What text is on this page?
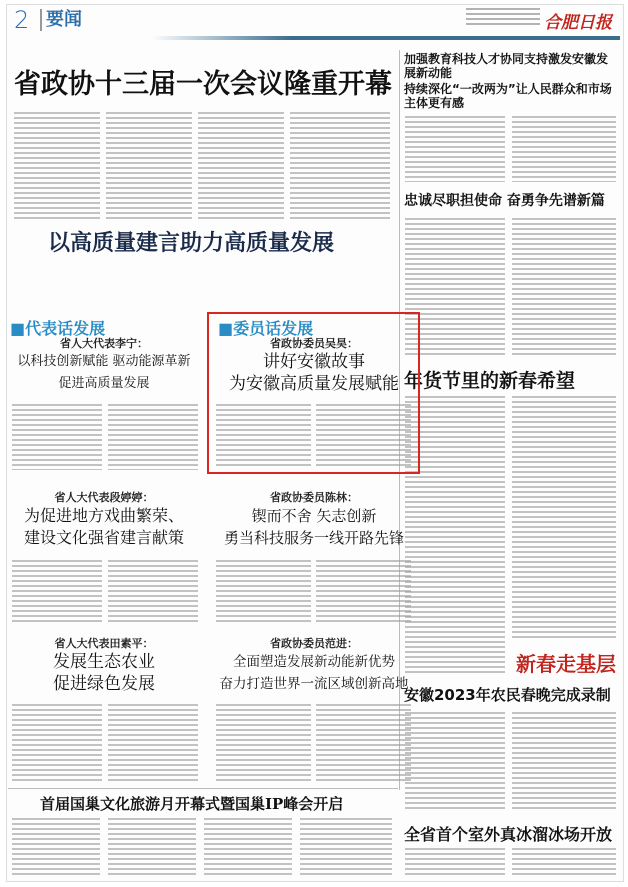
2 要闻	合肥日报
省政协十三届一次会议隆重开幕
加强教育科技人才协同支持激发安徽发展新动能
持续深化“一改两为”让人民群众和市场主体更有感
忠诚尽职担使命 奋勇争先谱新篇
年货节里的新春希望
新春走基层
安徽2023年农民春晚完成录制
全省首个室外真冰溜冰场开放
以高质量建言助力高质量发展
■代表话发展	■委员话发展
省人大代表李宁：
以科技创新赋能 驱动能源革新
促进高质量发展
省政协委员吴昊：
讲好安徽故事
为安徽高质量发展赋能
省人大代表段婷婷：
为促进地方戏曲繁荣、
建设文化强省建言献策
省政协委员陈林：
锲而不舍 矢志创新
勇当科技服务一线开路先锋
省人大代表田素平：
发展生态农业
促进绿色发展
省政协委员范进：
全面塑造发展新动能新优势
奋力打造世界一流区域创新高地
首届国巢文化旅游月开幕式暨国巢IP峰会开启
